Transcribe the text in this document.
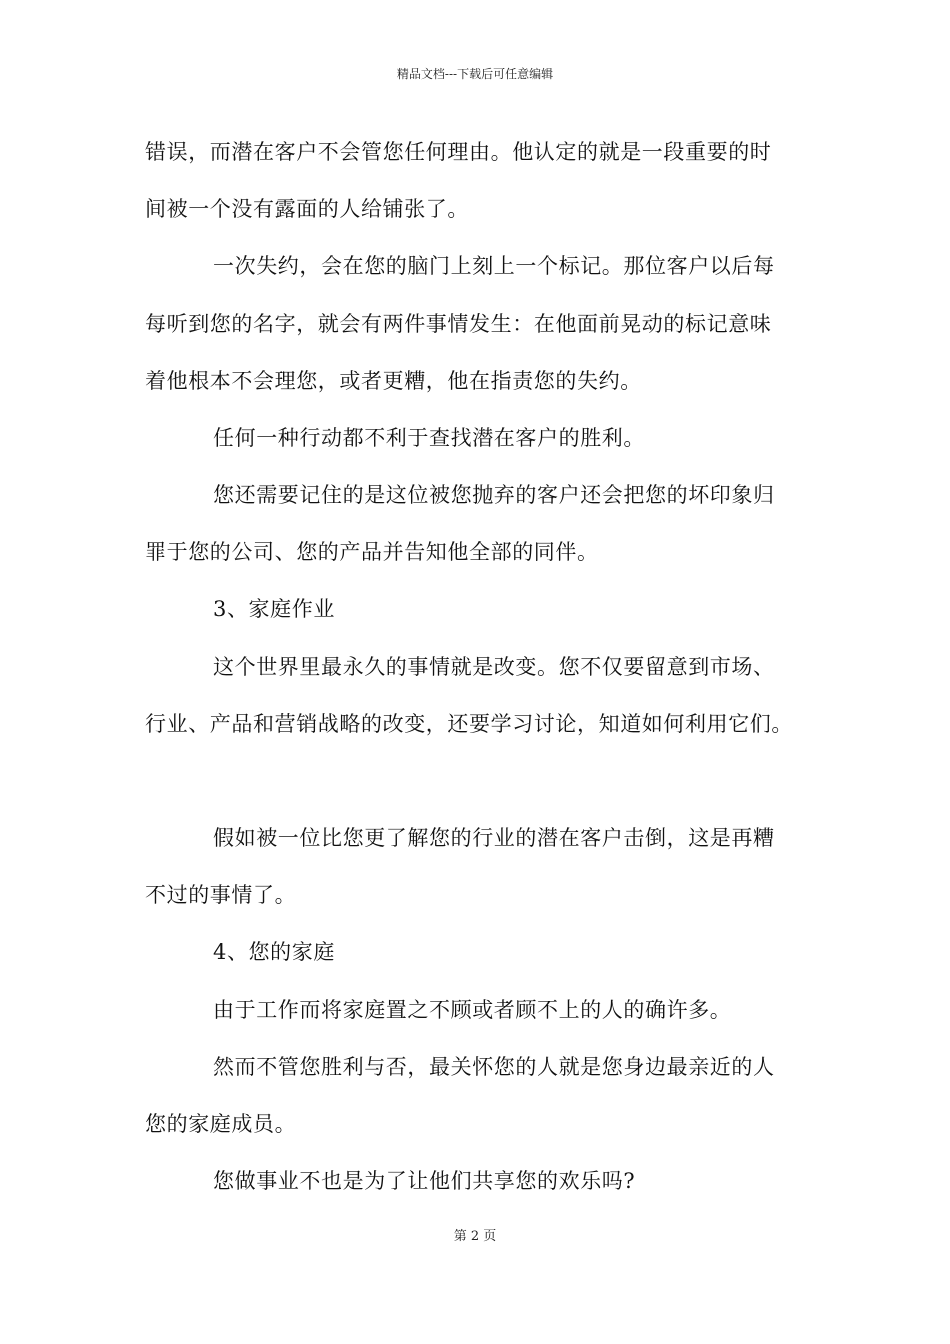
精品文档---下载后可任意编辑
错误，而潜在客户不会管您任何理由。他认定的就是一段重要的时
间被一个没有露面的人给铺张了。
一次失约，会在您的脑门上刻上一个标记。那位客户以后每
每听到您的名字，就会有两件事情发生：在他面前晃动的标记意味
着他根本不会理您，或者更糟，他在指责您的失约。
任何一种行动都不利于查找潜在客户的胜利。
您还需要记住的是这位被您抛弃的客户还会把您的坏印象归
罪于您的公司、您的产品并告知他全部的同伴。
3、家庭作业
这个世界里最永久的事情就是改变。您不仅要留意到市场、
行业、产品和营销战略的改变，还要学习讨论，知道如何利用它们。
假如被一位比您更了解您的行业的潜在客户击倒，这是再糟
不过的事情了。
4、您的家庭
由于工作而将家庭置之不顾或者顾不上的人的确许多。
然而不管您胜利与否，最关怀您的人就是您身边最亲近的人
您的家庭成员。
您做事业不也是为了让他们共享您的欢乐吗?
第 2 页
